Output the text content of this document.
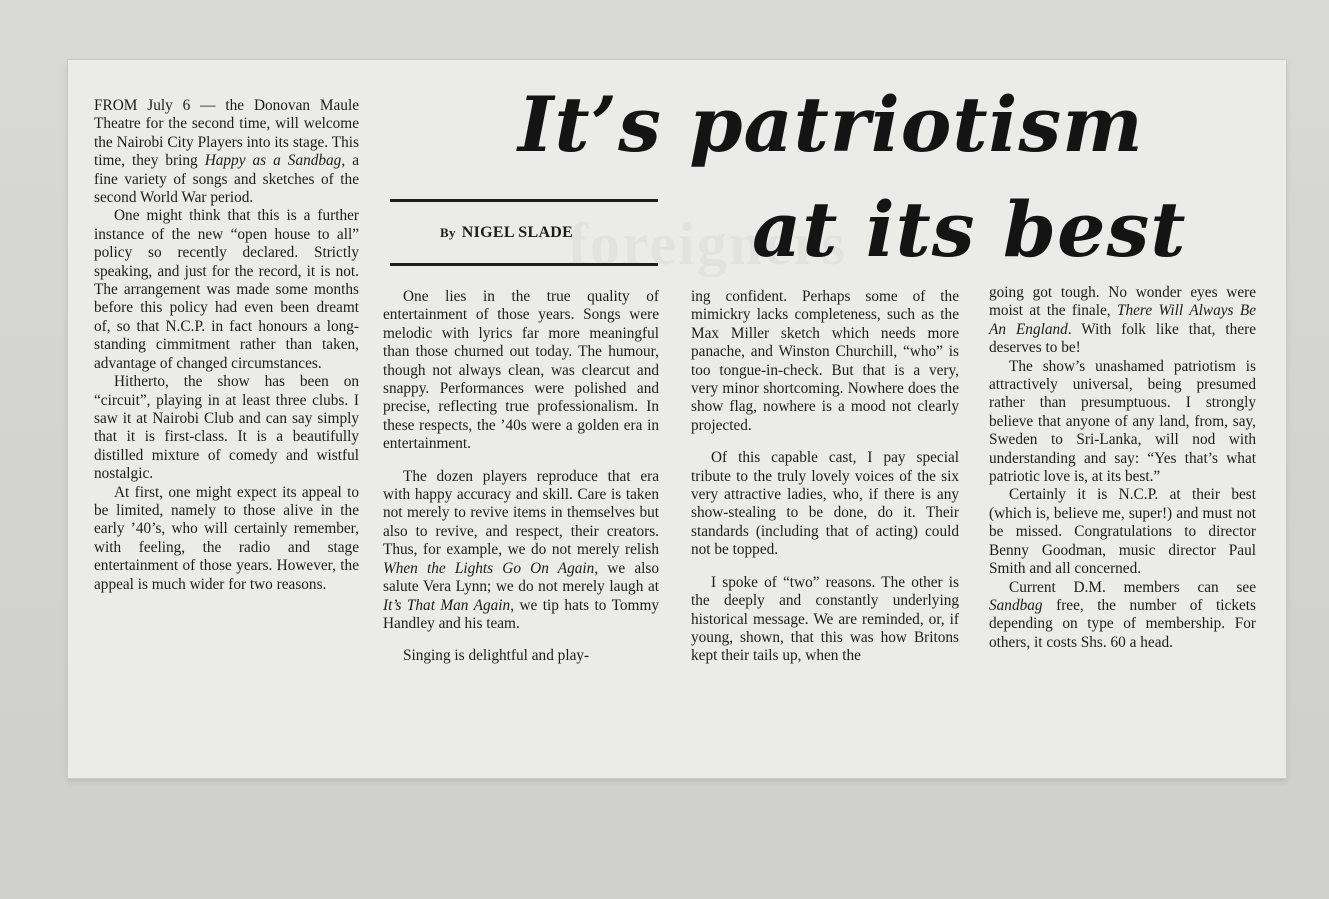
It’s patriotism
at its best
By NIGEL SLADE

FROM July 6 — the Donovan Maule Theatre for the second time, will welcome the Nairobi City Players into its stage. This time, they bring Happy as a Sandbag, a fine variety of songs and sketches of the second World War period.

One might think that this is a further instance of the new “open house to all” policy so recently declared. Strictly speaking, and just for the record, it is not. The arrangement was made some months before this policy had even been dreamt of, so that N.C.P. in fact honours a long-standing cimmitment rather than taken, advantage of changed circumstances.

Hitherto, the show has been on “circuit”, playing in at least three clubs. I saw it at Nairobi Club and can say simply that it is first-class. It is a beautifully distilled mixture of comedy and wistful nostalgic.

At first, one might expect its appeal to be limited, namely to those alive in the early ’40’s, who will certainly remember, with feeling, the radio and stage entertainment of those years. However, the appeal is much wider for two reasons.

One lies in the true quality of entertainment of those years. Songs were melodic with lyrics far more meaningful than those churned out today. The humour, though not always clean, was clearcut and snappy. Performances were polished and precise, reflecting true professionalism. In these respects, the ’40s were a golden era in entertainment.

The dozen players reproduce that era with happy accuracy and skill. Care is taken not merely to revive items in themselves but also to revive, and respect, their creators. Thus, for example, we do not merely relish When the Lights Go On Again, we also salute Vera Lynn; we do not merely laugh at It’s That Man Again, we tip hats to Tommy Handley and his team.

Singing is delightful and play-

ing confident. Perhaps some of the mimickry lacks completeness, such as the Max Miller sketch which needs more panache, and Winston Churchill, “who” is too tongue-in-check. But that is a very, very minor shortcoming. Nowhere does the show flag, nowhere is a mood not clearly projected.

Of this capable cast, I pay special tribute to the truly lovely voices of the six very attractive ladies, who, if there is any show-stealing to be done, do it. Their standards (including that of acting) could not be topped.

I spoke of “two” reasons. The other is the deeply and constantly underlying historical message. We are reminded, or, if young, shown, that this was how Britons kept their tails up, when the

going got tough. No wonder eyes were moist at the finale, There Will Always Be An England. With folk like that, there deserves to be!

The show’s unashamed patriotism is attractively universal, being presumed rather than presumptuous. I strongly believe that anyone of any land, from, say, Sweden to Sri-Lanka, will nod with understanding and say: “Yes that’s what patriotic love is, at its best.”

Certainly it is N.C.P. at their best (which is, believe me, super!) and must not be missed. Congratulations to director Benny Goodman, music director Paul Smith and all concerned.

Current D.M. members can see Sandbag free, the number of tickets depending on type of membership. For others, it costs Shs. 60 a head.
